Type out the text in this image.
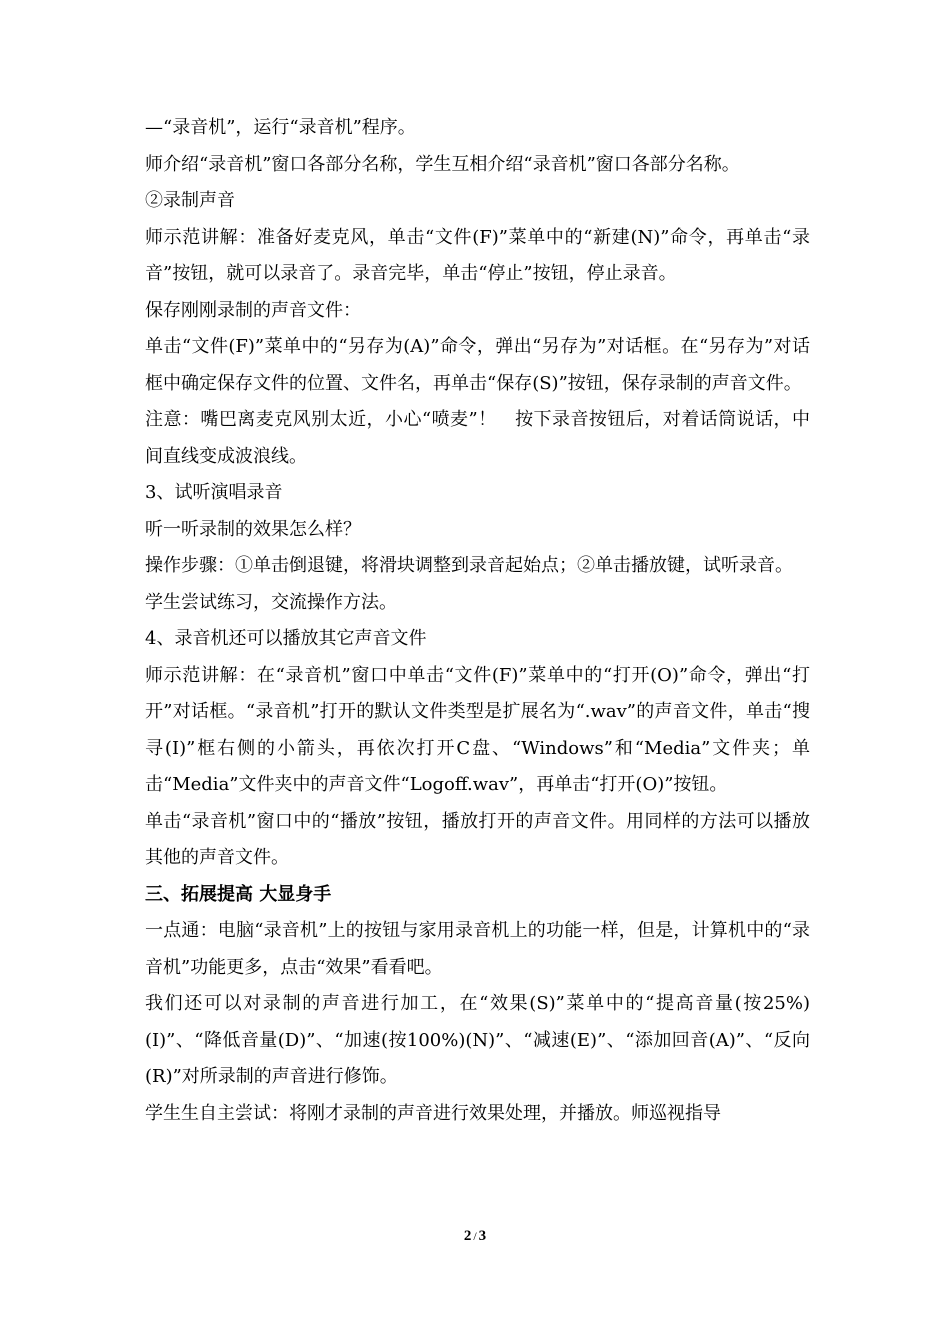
—“录音机”，运行“录音机”程序。

师介绍“录音机”窗口各部分名称，学生互相介绍“录音机”窗口各部分名称。

②录制声音

师示范讲解：准备好麦克风，单击“文件(F)”菜单中的“新建(N)”命令，再单击“录音”按钮，就可以录音了。录音完毕，单击“停止”按钮，停止录音。

保存刚刚录制的声音文件：

单击“文件(F)”菜单中的“另存为(A)”命令，弹出“另存为”对话框。在“另存为”对话框中确定保存文件的位置、文件名，再单击“保存(S)”按钮，保存录制的声音文件。

注意：嘴巴离麦克风别太近，小心“喷麦”！　按下录音按钮后，对着话筒说话，中间直线变成波浪线。

3、试听演唱录音

听一听录制的效果怎么样？

操作步骤：①单击倒退键，将滑块调整到录音起始点；②单击播放键，试听录音。

学生尝试练习，交流操作方法。

4、录音机还可以播放其它声音文件

师示范讲解：在“录音机”窗口中单击“文件(F)”菜单中的“打开(O)”命令，弹出“打开”对话框。“录音机”打开的默认文件类型是扩展名为“.wav”的声音文件，单击“搜寻(I)”框右侧的小箭头，再依次打开C盘、“Windows”和“Media”文件夹；单击“Media”文件夹中的声音文件“Logoff.wav”，再单击“打开(O)”按钮。

单击“录音机”窗口中的“播放”按钮，播放打开的声音文件。用同样的方法可以播放其他的声音文件。

三、拓展提高 大显身手

一点通：电脑“录音机”上的按钮与家用录音机上的功能一样，但是，计算机中的“录音机”功能更多，点击“效果”看看吧。

我们还可以对录制的声音进行加工，在“效果(S)”菜单中的“提高音量(按25%)(I)”、“降低音量(D)”、“加速(按100%)(N)”、“减速(E)”、“添加回音(A)”、“反向(R)”对所录制的声音进行修饰。

学生生自主尝试：将刚才录制的声音进行效果处理，并播放。师巡视指导

2 / 3
